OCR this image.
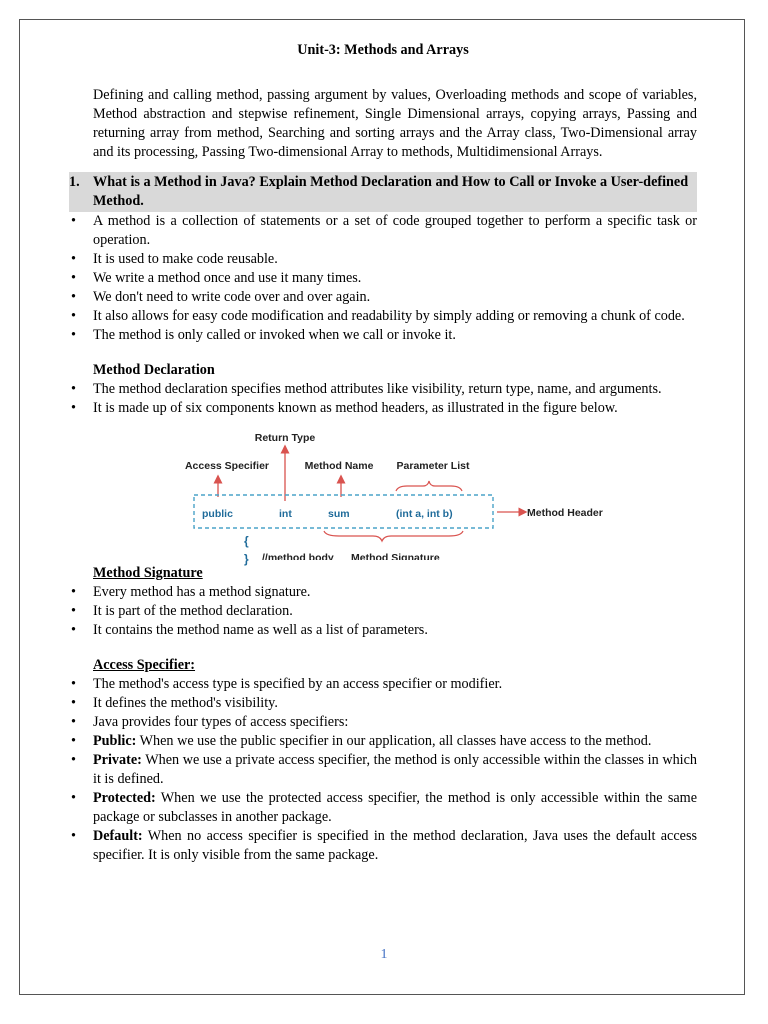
Unit-3: Methods and Arrays

Defining and calling method, passing argument by values, Overloading methods and scope of variables, Method abstraction and stepwise refinement, Single Dimensional arrays, copying arrays, Passing and returning array from method, Searching and sorting arrays and the Array class, Two-Dimensional array and its processing, Passing Two-dimensional Array to methods, Multidimensional Arrays.

1. What is a Method in Java? Explain Method Declaration and How to Call or Invoke a User-defined Method.
• A method is a collection of statements or a set of code grouped together to perform a specific task or operation.
• It is used to make code reusable.
• We write a method once and use it many times.
• We don't need to write code over and over again.
• It also allows for easy code modification and readability by simply adding or removing a chunk of code.
• The method is only called or invoked when we call or invoke it.
Method Declaration
• The method declaration specifies method attributes like visibility, return type, name, and arguments.
• It is made up of six components known as method headers, as illustrated in the figure below.
Return Type
Access Specifier	Method Name Parameter List
public	int	sum	(int a, int b)	Method Header
{
//method body Method Signature
}
Method Signature
• Every method has a method signature.
• It is part of the method declaration.
• It contains the method name as well as a list of parameters.
Access Specifier:
• The method's access type is specified by an access specifier or modifier.
• It defines the method's visibility.
• Java provides four types of access specifiers:
• Public: When we use the public specifier in our application, all classes have access to the method.
• Private: When we use a private access specifier, the method is only accessible within the classes in which it is defined.
• Protected: When we use the protected access specifier, the method is only accessible within the same package or subclasses in another package.
• Default: When no access specifier is specified in the method declaration, Java uses the default access specifier. It is only visible from the same package.
1
